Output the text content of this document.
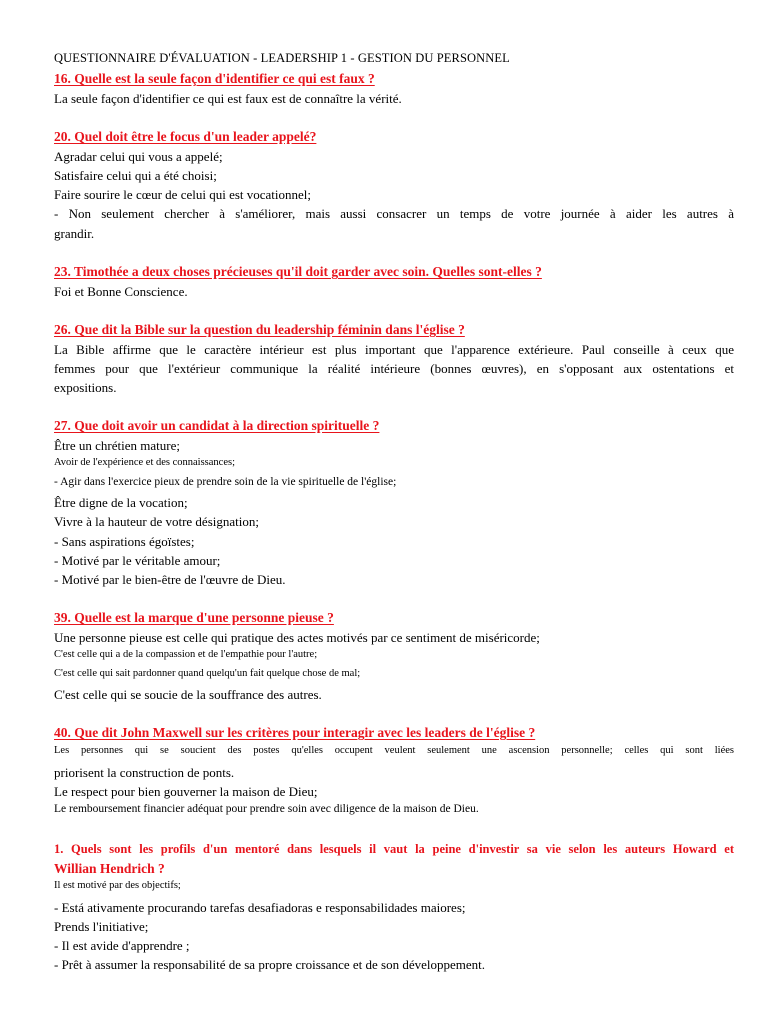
QUESTIONNAIRE D'ÉVALUATION - LEADERSHIP 1 - GESTION DU PERSONNEL
16. Quelle est la seule façon d'identifier ce qui est faux ?
La seule façon d'identifier ce qui est faux est de connaître la vérité.
20. Quel doit être le focus d'un leader appelé?
Agradar celui qui vous a appelé;
Satisfaire celui qui a été choisi;
Faire sourire le cœur de celui qui est vocationnel;
- Non seulement chercher à s'améliorer, mais aussi consacrer un temps de votre journée à aider les autres à
grandir.
23. Timothée a deux choses précieuses qu'il doit garder avec soin. Quelles sont-elles ?
Foi et Bonne Conscience.
26. Que dit la Bible sur la question du leadership féminin dans l'église ?
La Bible affirme que le caractère intérieur est plus important que l'apparence extérieure. Paul conseille à ceux que
femmes pour que l'extérieur communique la réalité intérieure (bonnes œuvres), en s'opposant aux ostentations et
expositions.
27. Que doit avoir un candidat à la direction spirituelle ?
Être un chrétien mature;
Avoir de l'expérience et des connaissances;
- Agir dans l'exercice pieux de prendre soin de la vie spirituelle de l'église;
Être digne de la vocation;
Vivre à la hauteur de votre désignation;
- Sans aspirations égoïstes;
- Motivé par le véritable amour;
- Motivé par le bien-être de l'œuvre de Dieu.
39. Quelle est la marque d'une personne pieuse ?
Une personne pieuse est celle qui pratique des actes motivés par ce sentiment de miséricorde;
C'est celle qui a de la compassion et de l'empathie pour l'autre;
C'est celle qui sait pardonner quand quelqu'un fait quelque chose de mal;
C'est celle qui se soucie de la souffrance des autres.
40. Que dit John Maxwell sur les critères pour interagir avec les leaders de l'église ?
Les personnes qui se soucient des postes qu'elles occupent veulent seulement une ascension personnelle; celles qui sont liées
priorisent la construction de ponts.
Le respect pour bien gouverner la maison de Dieu;
Le remboursement financier adéquat pour prendre soin avec diligence de la maison de Dieu.
1. Quels sont les profils d'un mentoré dans lesquels il vaut la peine d'investir sa vie selon les auteurs Howard et
Willian Hendrich ?
Il est motivé par des objectifs;
- Está ativamente procurando tarefas desafiadoras e responsabilidades maiores;
Prends l'initiative;
- Il est avide d'apprendre ;
- Prêt à assumer la responsabilité de sa propre croissance et de son développement.
